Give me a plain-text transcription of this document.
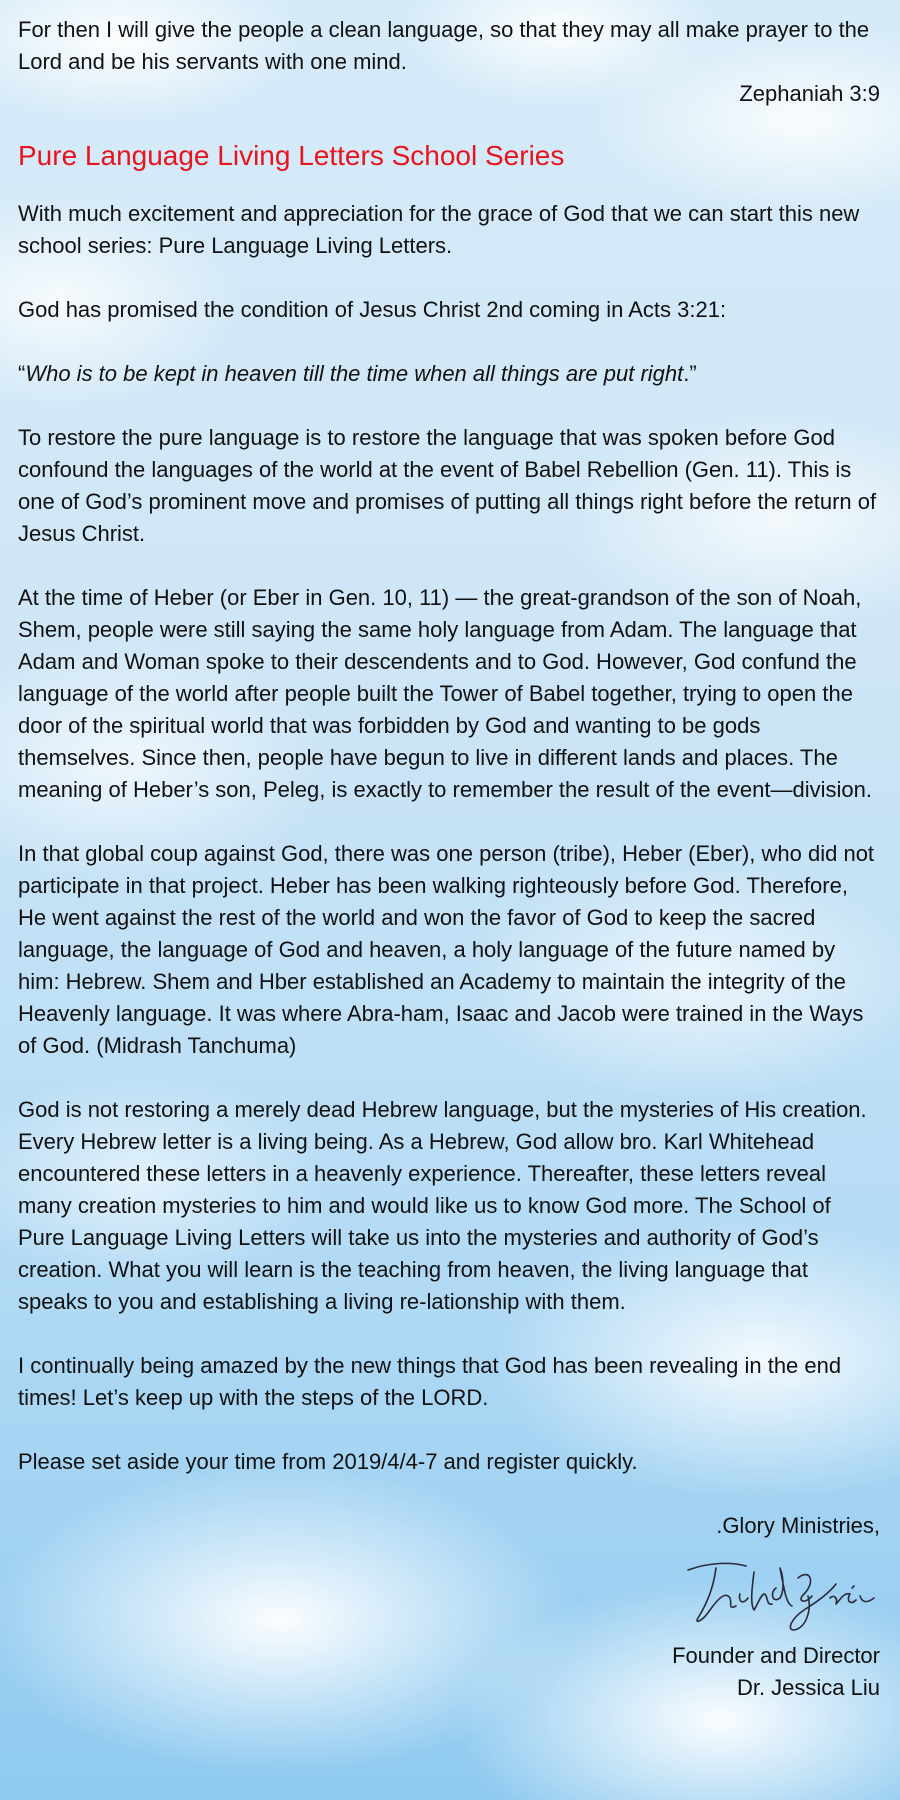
For then I will give the people a clean language, so that they may all make prayer to the Lord and be his servants with one mind.

Zephaniah 3:9

Pure Language Living Letters School Series

With much excitement and appreciation for the grace of God that we can start this new school series: Pure Language Living Letters.

God has promised the condition of Jesus Christ 2nd coming in Acts 3:21:

“Who is to be kept in heaven till the time when all things are put right.”

To restore the pure language is to restore the language that was spoken before God confound the languages of the world at the event of Babel Rebellion (Gen. 11). This is one of God’s prominent move and promises of putting all things right before the return of Jesus Christ.

At the time of Heber (or Eber in Gen. 10, 11) — the great-grandson of the son of Noah, Shem, people were still saying the same holy language from Adam. The language that Adam and Woman spoke to their descendents and to God. However, God confund the language of the world after people built the Tower of Babel together, trying to open the door of the spiritual world that was forbidden by God and wanting to be gods themselves. Since then, people have begun to live in different lands and places. The meaning of Heber’s son, Peleg, is exactly to remember the result of the event—division.

In that global coup against God, there was one person (tribe), Heber (Eber), who did not participate in that project. Heber has been walking righteously before God. Therefore, He went against the rest of the world and won the favor of God to keep the sacred language, the language of God and heaven, a holy language of the future named by him: Hebrew. Shem and Hber established an Academy to maintain the integrity of the Heavenly language. It was where Abra-ham, Isaac and Jacob were trained in the Ways of God. (Midrash Tanchuma)

God is not restoring a merely dead Hebrew language, but the mysteries of His creation. Every Hebrew letter is a living being. As a Hebrew, God allow bro. Karl Whitehead encountered these letters in a heavenly experience. Thereafter, these letters reveal many creation mysteries to him and would like us to know God more. The School of Pure Language Living Letters will take us into the mysteries and authority of God’s creation. What you will learn is the teaching from heaven, the living language that speaks to you and establishing a living re-lationship with them.

I continually being amazed by the new things that God has been revealing in the end times! Let’s keep up with the steps of the LORD.

Please set aside your time from 2019/4/4-7 and register quickly.

.Glory Ministries,

Founder and Director

Dr. Jessica Liu
